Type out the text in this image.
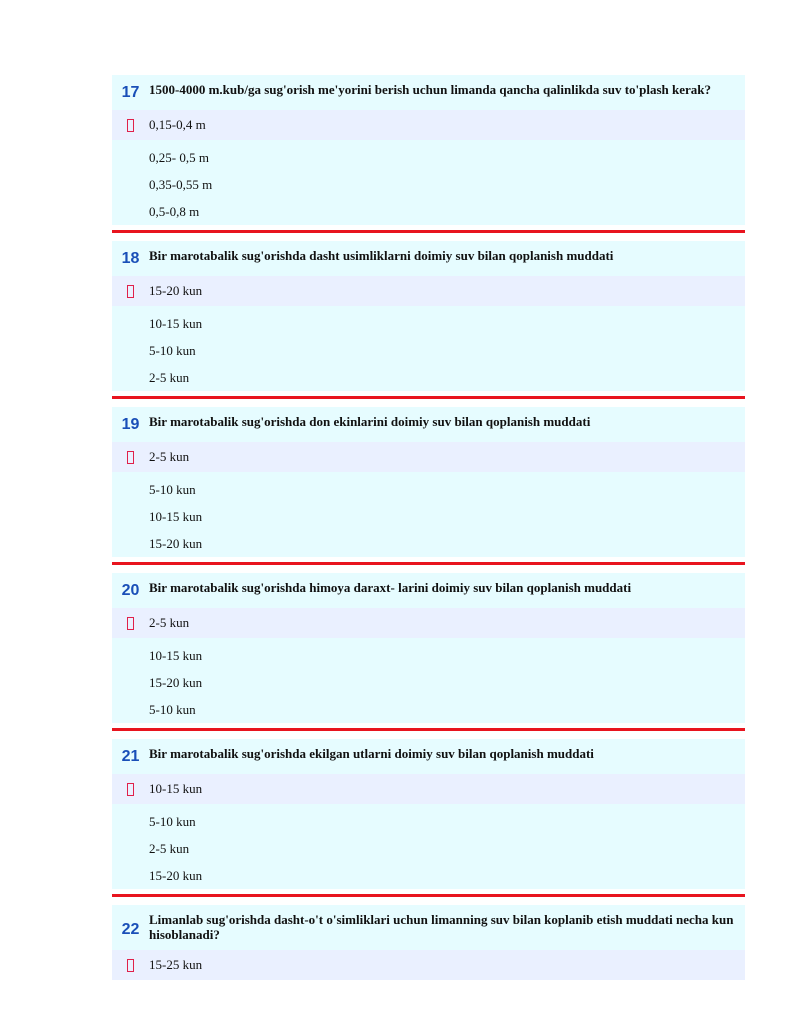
17 1500-4000 m.kub/ga sug'orish me'yorini berish uchun limanda qancha qalinlikda suv to'plash kerak?
0,15-0,4 m
0,25- 0,5 m
0,35-0,55 m
0,5-0,8 m
18 Bir marotabalik sug'orishda dasht usimliklarni doimiy suv bilan qoplanish muddati
15-20 kun
10-15 kun
5-10 kun
2-5 kun
19 Bir marotabalik sug'orishda don ekinlarini doimiy suv bilan qoplanish muddati
2-5 kun
5-10 kun
10-15 kun
15-20 kun
20 Bir marotabalik sug'orishda himoya daraxt- larini doimiy suv bilan qoplanish muddati
2-5 kun
10-15 kun
15-20 kun
5-10 kun
21 Bir marotabalik sug'orishda ekilgan utlarni doimiy suv bilan qoplanish muddati
10-15 kun
5-10 kun
2-5 kun
15-20 kun
22
Limanlab sug'orishda dasht-o't o'simliklari uchun limanning suv bilan koplanib etish muddati necha kun hisoblanadi?
15-25 kun
